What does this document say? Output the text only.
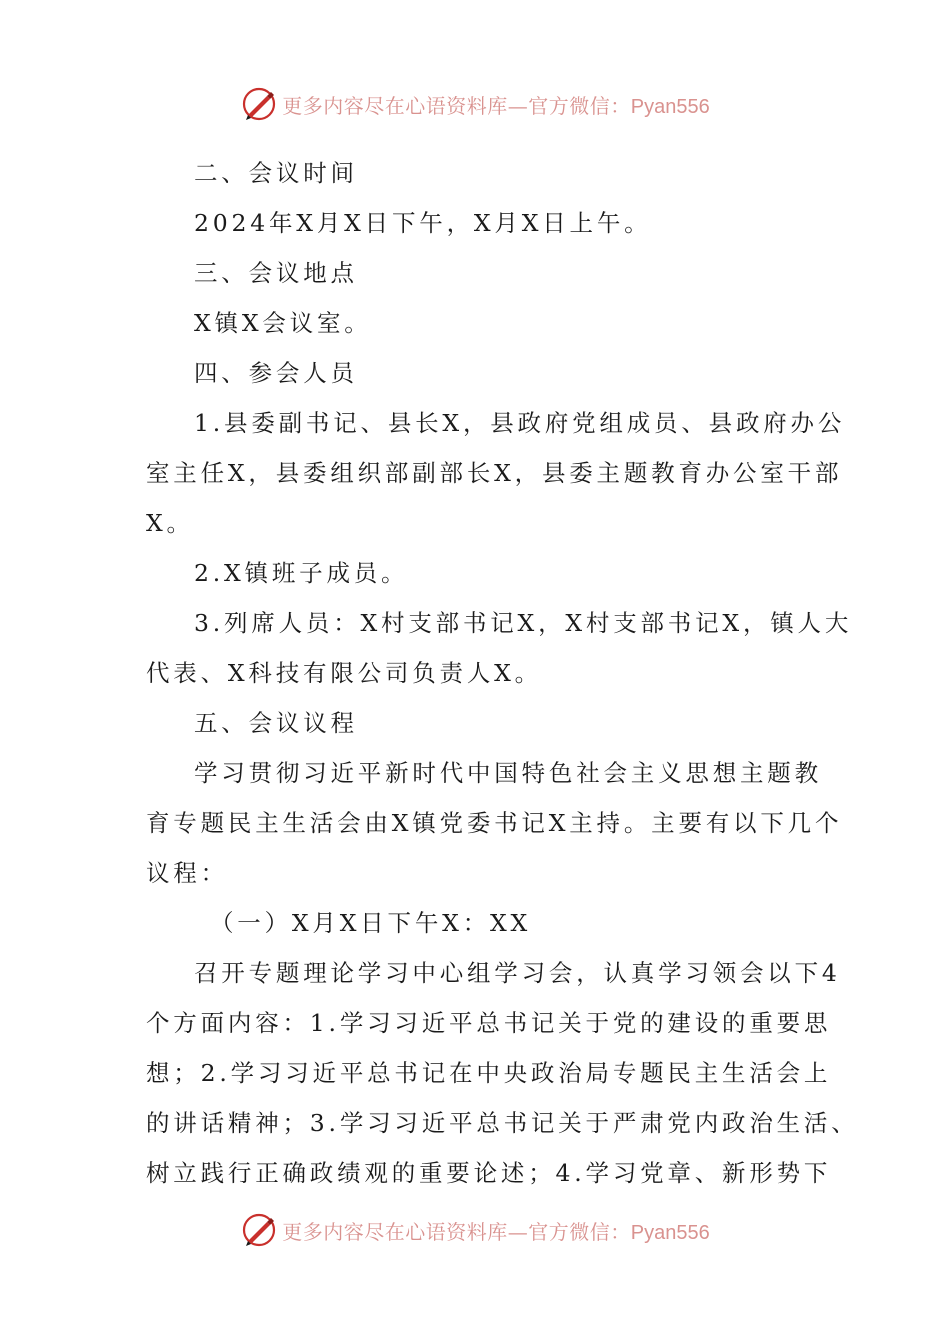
更多内容尽在心语资料库—官方微信：Pyan556

二、会议时间

2024年X月X日下午，X月X日上午。

三、会议地点

X镇X会议室。

四、参会人员

1.县委副书记、县长X，县政府党组成员、县政府办公

室主任X，县委组织部副部长X，县委主题教育办公室干部

X。

2.X镇班子成员。

3.列席人员：X村支部书记X，X村支部书记X，镇人大

代表、X科技有限公司负责人X。

五、会议议程

学习贯彻习近平新时代中国特色社会主义思想主题教

育专题民主生活会由X镇党委书记X主持。主要有以下几个

议程：

（一）X月X日下午X：XX

召开专题理论学习中心组学习会，认真学习领会以下4

个方面内容：1.学习习近平总书记关于党的建设的重要思

想；2.学习习近平总书记在中央政治局专题民主生活会上

的讲话精神；3.学习习近平总书记关于严肃党内政治生活、

树立践行正确政绩观的重要论述；4.学习党章、新形势下

更多内容尽在心语资料库—官方微信：Pyan556
